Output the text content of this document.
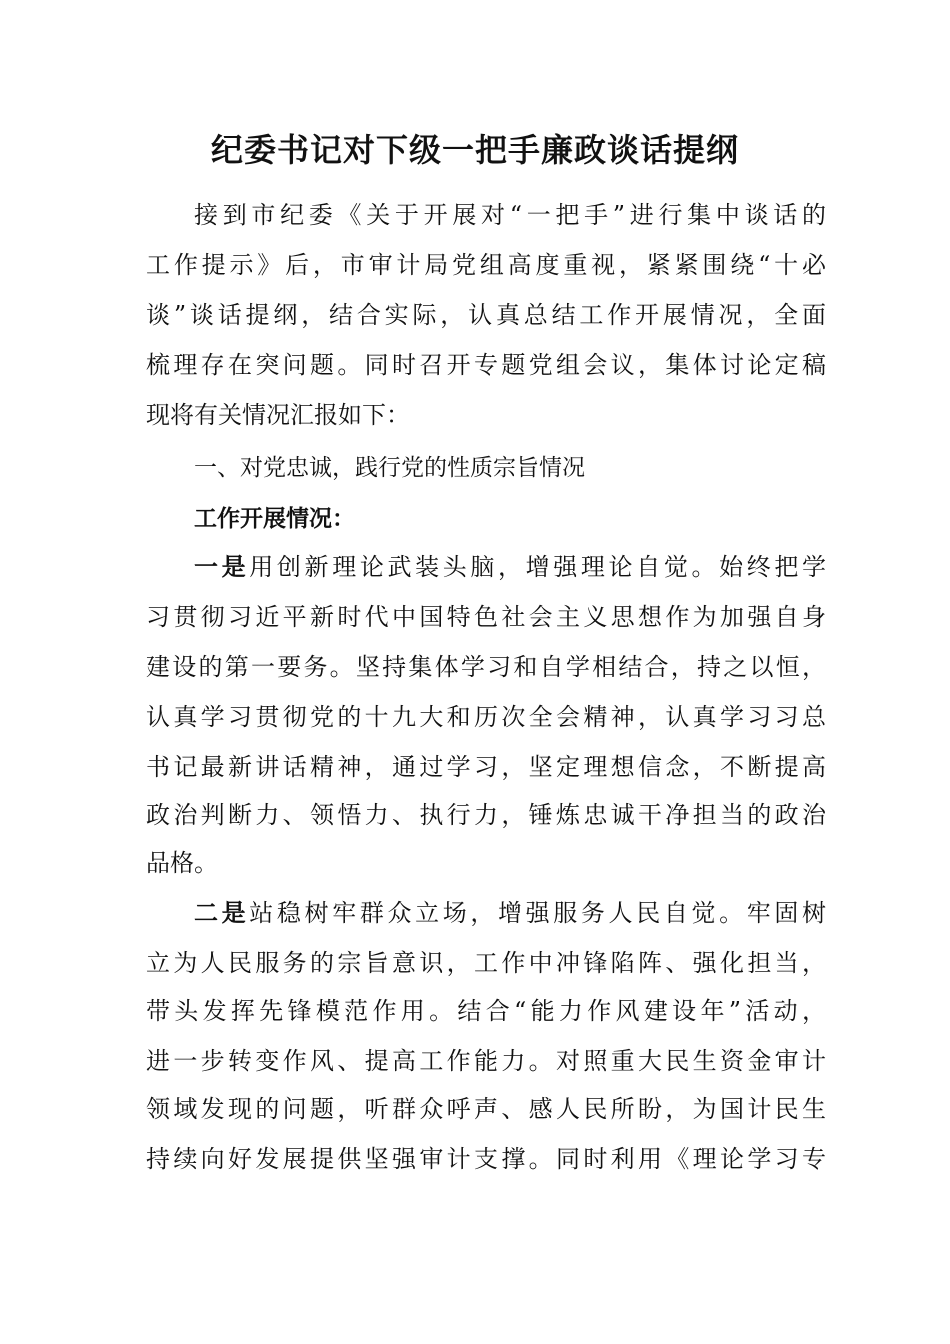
纪委书记对下级一把手廉政谈话提纲
接到市纪委《关于开展对“一把手”进行集中谈话的
工作提示》后，市审计局党组高度重视，紧紧围绕“十必
谈”谈话提纲，结合实际，认真总结工作开展情况，全面
梳理存在突问题。同时召开专题党组会议，集体讨论定稿
现将有关情况汇报如下：
一、对党忠诚，践行党的性质宗旨情况
工作开展情况：
一是用创新理论武装头脑，增强理论自觉。始终把学
习贯彻习近平新时代中国特色社会主义思想作为加强自身
建设的第一要务。坚持集体学习和自学相结合，持之以恒，
认真学习贯彻党的十九大和历次全会精神，认真学习习总
书记最新讲话精神，通过学习，坚定理想信念，不断提高
政治判断力、领悟力、执行力，锤炼忠诚干净担当的政治
品格。
二是站稳树牢群众立场，增强服务人民自觉。牢固树
立为人民服务的宗旨意识，工作中冲锋陷阵、强化担当，
带头发挥先锋模范作用。结合“能力作风建设年”活动，
进一步转变作风、提高工作能力。对照重大民生资金审计
领域发现的问题，听群众呼声、感人民所盼，为国计民生
持续向好发展提供坚强审计支撑。同时利用《理论学习专
